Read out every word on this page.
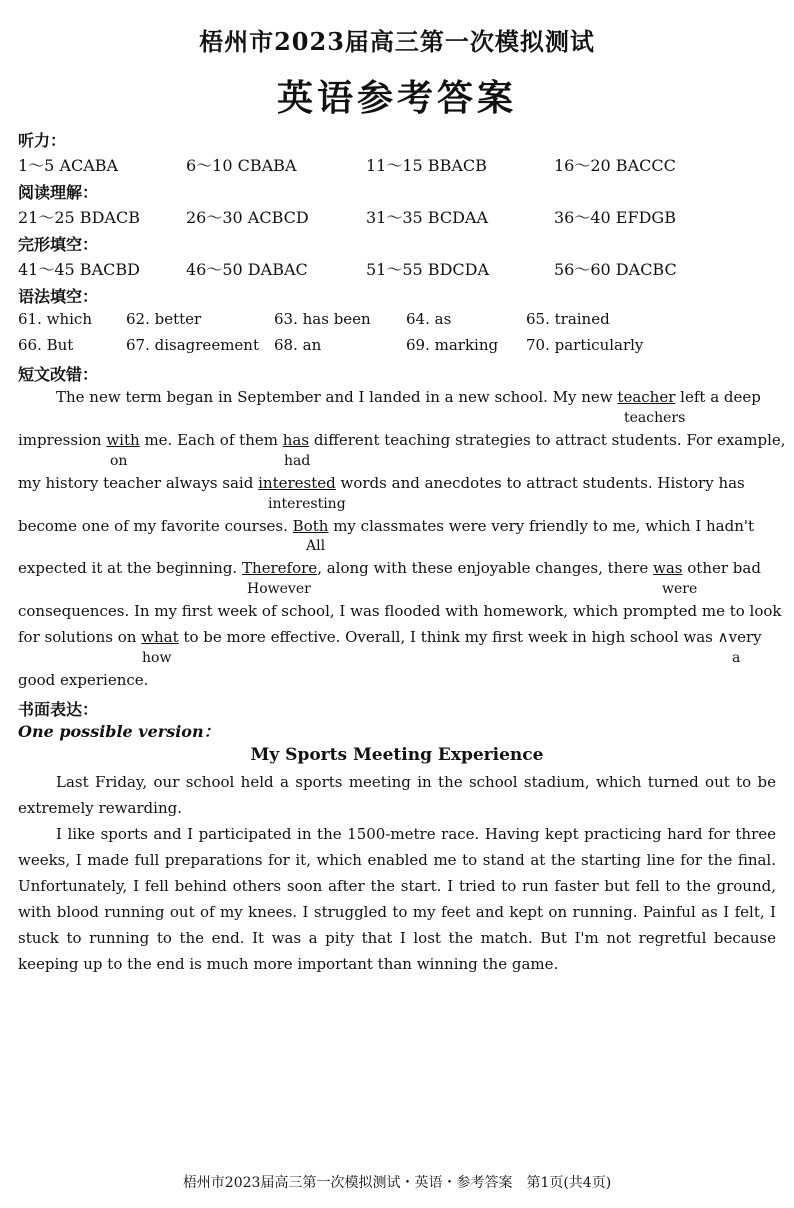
梧州市2023届高三第一次模拟测试
英语参考答案
听力：
1～5 ACABA	6～10 CBABA	11～15 BBACB	16～20 BACCC
阅读理解：
21～25 BDACB	26～30 ACBCD	31～35 BCDAA	36～40 EFDGB
完形填空：
41～45 BACBD	46～50 DABAC	51～55 BDCDA	56～60 DACBC
语法填空：
61. which 62. better	63. has been 64. as	65. trained
66. But	67. disagreement 68. an	69. marking 70. particularly
短文改错：
The new term began in September and I landed in a new school. My new teacher left a deep
teachers
impression with me. Each of them has different teaching strategies to attract students. For example,
on	had
my history teacher always said interested words and anecdotes to attract students. History has
interesting
become one of my favorite courses. Both my classmates were very friendly to me, which I hadn't
All
expected it at the beginning. Therefore, along with these enjoyable changes, there was other bad
However	were
consequences. In my first week of school, I was flooded with homework, which prompted me to look
for solutions on what to be more effective. Overall, I think my first week in high school was ∧very
how	a
good experience.
书面表达：
One possible version：
My Sports Meeting Experience

Last Friday, our school held a sports meeting in the school stadium, which turned out to be extremely rewarding.

I like sports and I participated in the 1500-metre race. Having kept practicing hard for three weeks, I made full preparations for it, which enabled me to stand at the starting line for the final. Unfortunately, I fell behind others soon after the start. I tried to run faster but fell to the ground, with blood running out of my knees. I struggled to my feet and kept on running. Painful as I felt, I stuck to running to the end. It was a pity that I lost the match. But I'm not regretful because keeping up to the end is much more important than winning the game.

梧州市2023届高三第一次模拟测试・英语・参考答案　第1页(共4页)
